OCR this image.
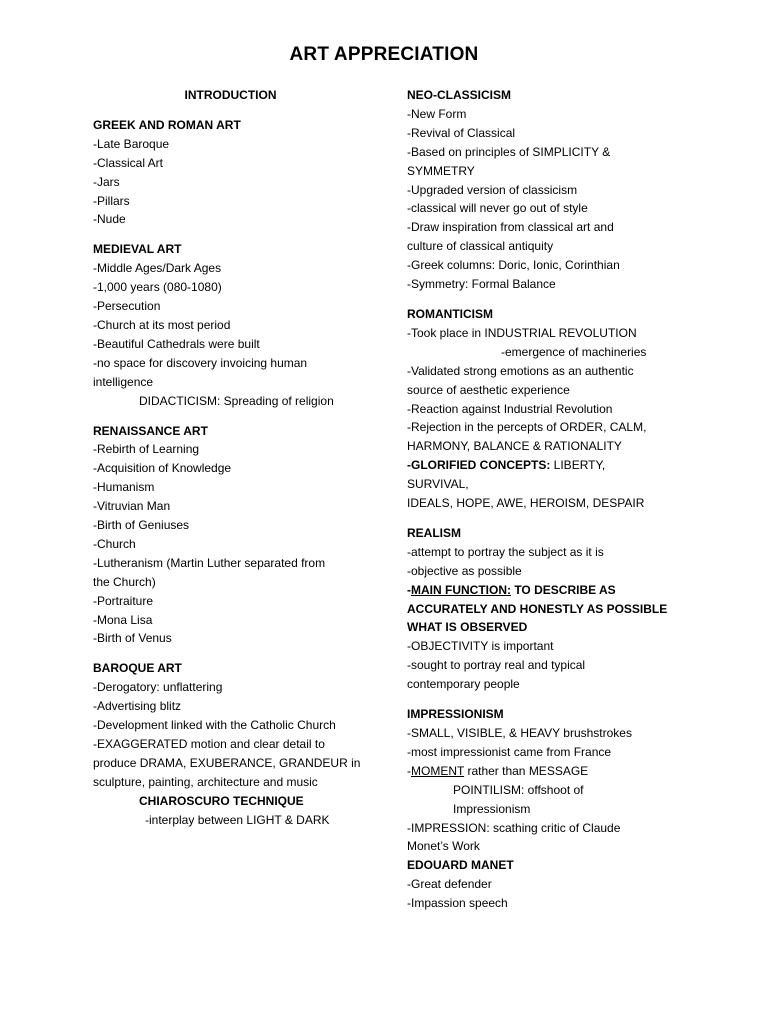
ART APPRECIATION

INTRODUCTION

GREEK AND ROMAN ART

-Late Baroque

-Classical Art

-Jars

-Pillars

-Nude

MEDIEVAL ART

-Middle Ages/Dark Ages

-1,000 years (080-1080)

-Persecution

-Church at its most period

-Beautiful Cathedrals were built

-no space for discovery invoicing human

intelligence

DIDACTICISM: Spreading of religion

RENAISSANCE ART

-Rebirth of Learning

-Acquisition of Knowledge

-Humanism

-Vitruvian Man

-Birth of Geniuses

-Church

-Lutheranism (Martin Luther separated from

the Church)

-Portraiture

-Mona Lisa

-Birth of Venus

BAROQUE ART

-Derogatory: unflattering

-Advertising blitz

-Development linked with the Catholic Church

-EXAGGERATED motion and clear detail to

produce DRAMA, EXUBERANCE, GRANDEUR in

sculpture, painting, architecture and music

CHIAROSCURO TECHNIQUE

-interplay between LIGHT & DARK

NEO-CLASSICISM

-New Form

-Revival of Classical

-Based on principles of SIMPLICITY &

SYMMETRY

-Upgraded version of classicism

-classical will never go out of style

-Draw inspiration from classical art and

culture of classical antiquity

-Greek columns: Doric, Ionic, Corinthian

-Symmetry: Formal Balance

ROMANTICISM

-Took place in INDUSTRIAL REVOLUTION

-emergence of machineries

-Validated strong emotions as an authentic

source of aesthetic experience

-Reaction against Industrial Revolution

-Rejection in the percepts of ORDER, CALM,

HARMONY, BALANCE & RATIONALITY

-GLORIFIED CONCEPTS: LIBERTY, SURVIVAL,

IDEALS, HOPE, AWE, HEROISM, DESPAIR

REALISM

-attempt to portray the subject as it is

-objective as possible

-MAIN FUNCTION: TO DESCRIBE AS

ACCURATELY AND HONESTLY AS POSSIBLE

WHAT IS OBSERVED

-OBJECTIVITY is important

-sought to portray real and typical

contemporary people

IMPRESSIONISM

-SMALL, VISIBLE, & HEAVY brushstrokes

-most impressionist came from France

-MOMENT rather than MESSAGE

POINTILISM: offshoot of

Impressionism

-IMPRESSION: scathing critic of Claude

Monet’s Work

EDOUARD MANET

-Great defender

-Impassion speech
